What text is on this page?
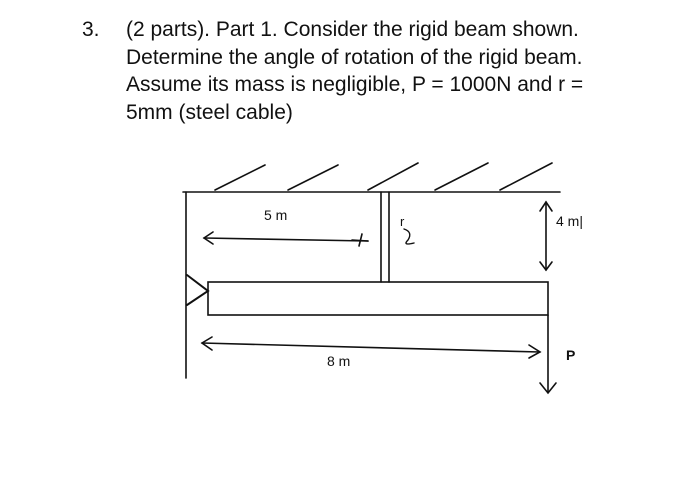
3. (2 parts). Part 1. Consider the rigid beam shown.
Determine the angle of rotation of the rigid beam.
Assume its mass is negligible, P = 1000N and r =
5mm (steel cable)
5 m	4 m|
8 m
r
P
